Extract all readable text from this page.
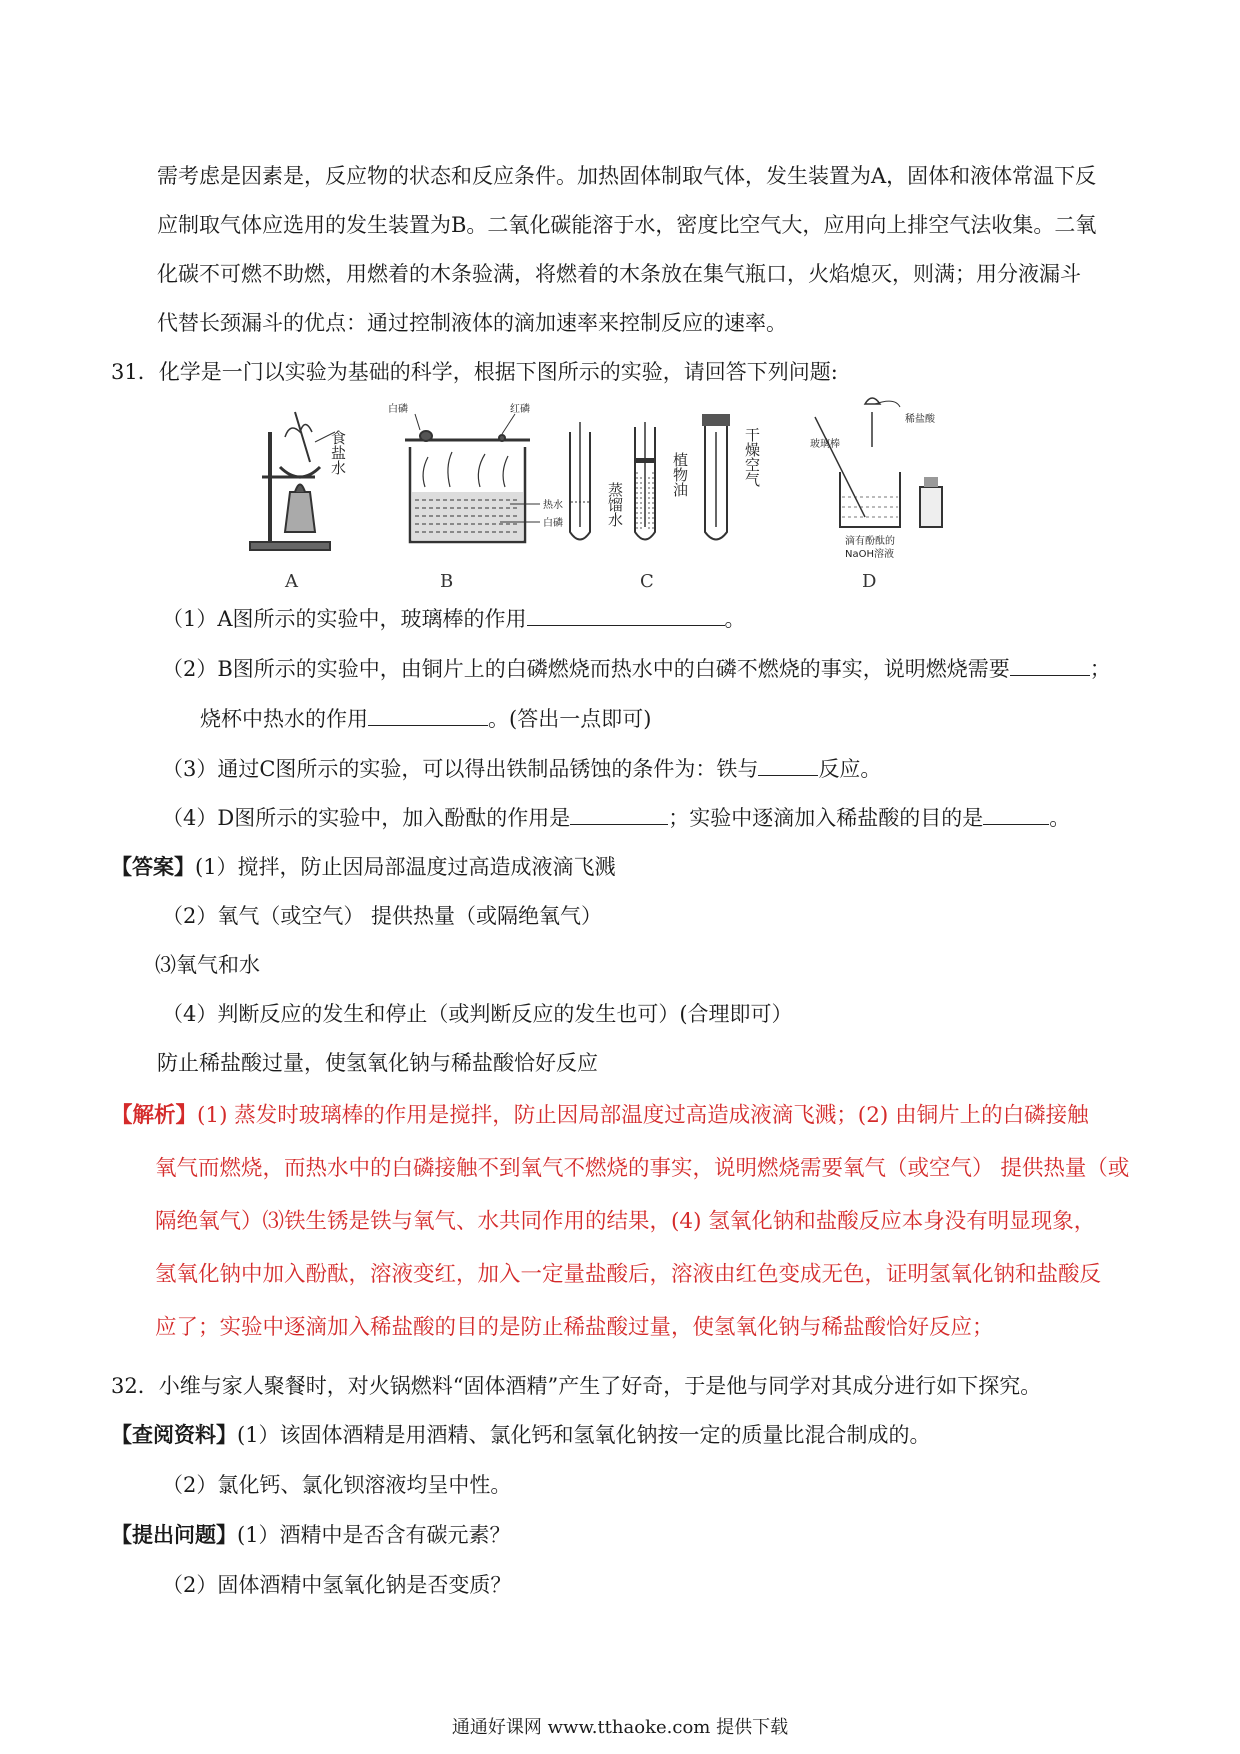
需考虑是因素是，反应物的状态和反应条件。加热固体制取气体，发生装置为A，固体和液体常温下反
应制取气体应选用的发生装置为B。二氧化碳能溶于水，密度比空气大，应用向上排空气法收集。二氧
化碳不可燃不助燃，用燃着的木条验满，将燃着的木条放在集气瓶口，火焰熄灭，则满；用分液漏斗
代替长颈漏斗的优点：通过控制液体的滴加速率来控制反应的速率。
31．化学是一门以实验为基础的科学，根据下图所示的实验，请回答下列问题:
食盐水
A
白磷	红磷
热水
白磷
B
蒸馏水
植物油	干燥空气
C
玻璃棒
稀盐酸
滴有酚酞的
NaOH溶液
D
（1）A图所示的实验中，玻璃棒的作用	。
（2）B图所示的实验中，由铜片上的白磷燃烧而热水中的白磷不燃烧的事实，说明燃烧需要	；
烧杯中热水的作用	。(答出一点即可)
（3）通过C图所示的实验，可以得出铁制品锈蚀的条件为：铁与	反应。
（4）D图所示的实验中，加入酚酞的作用是	；实验中逐滴加入稀盐酸的目的是	。
【答案】(1）搅拌，防止因局部温度过高造成液滴飞溅
（2）氧气（或空气） 提供热量（或隔绝氧气）
⑶氧气和水
（4）判断反应的发生和停止（或判断反应的发生也可）(合理即可）
防止稀盐酸过量，使氢氧化钠与稀盐酸恰好反应
【解析】(1) 蒸发时玻璃棒的作用是搅拌，防止因局部温度过高造成液滴飞溅；(2) 由铜片上的白磷接触
氧气而燃烧，而热水中的白磷接触不到氧气不燃烧的事实，说明燃烧需要氧气（或空气） 提供热量（或
隔绝氧气）⑶铁生锈是铁与氧气、水共同作用的结果，(4) 氢氧化钠和盐酸反应本身没有明显现象，
氢氧化钠中加入酚酞，溶液变红，加入一定量盐酸后，溶液由红色变成无色，证明氢氧化钠和盐酸反
应了；实验中逐滴加入稀盐酸的目的是防止稀盐酸过量，使氢氧化钠与稀盐酸恰好反应；
32．小维与家人聚餐时，对火锅燃料“固体酒精”产生了好奇，于是他与同学对其成分进行如下探究。
【查阅资料】(1）该固体酒精是用酒精、氯化钙和氢氧化钠按一定的质量比混合制成的。
（2）氯化钙、氯化钡溶液均呈中性。
【提出问题】(1）酒精中是否含有碳元素？
（2）固体酒精中氢氧化钠是否变质？
通通好课网 www.tthaoke.com 提供下载
